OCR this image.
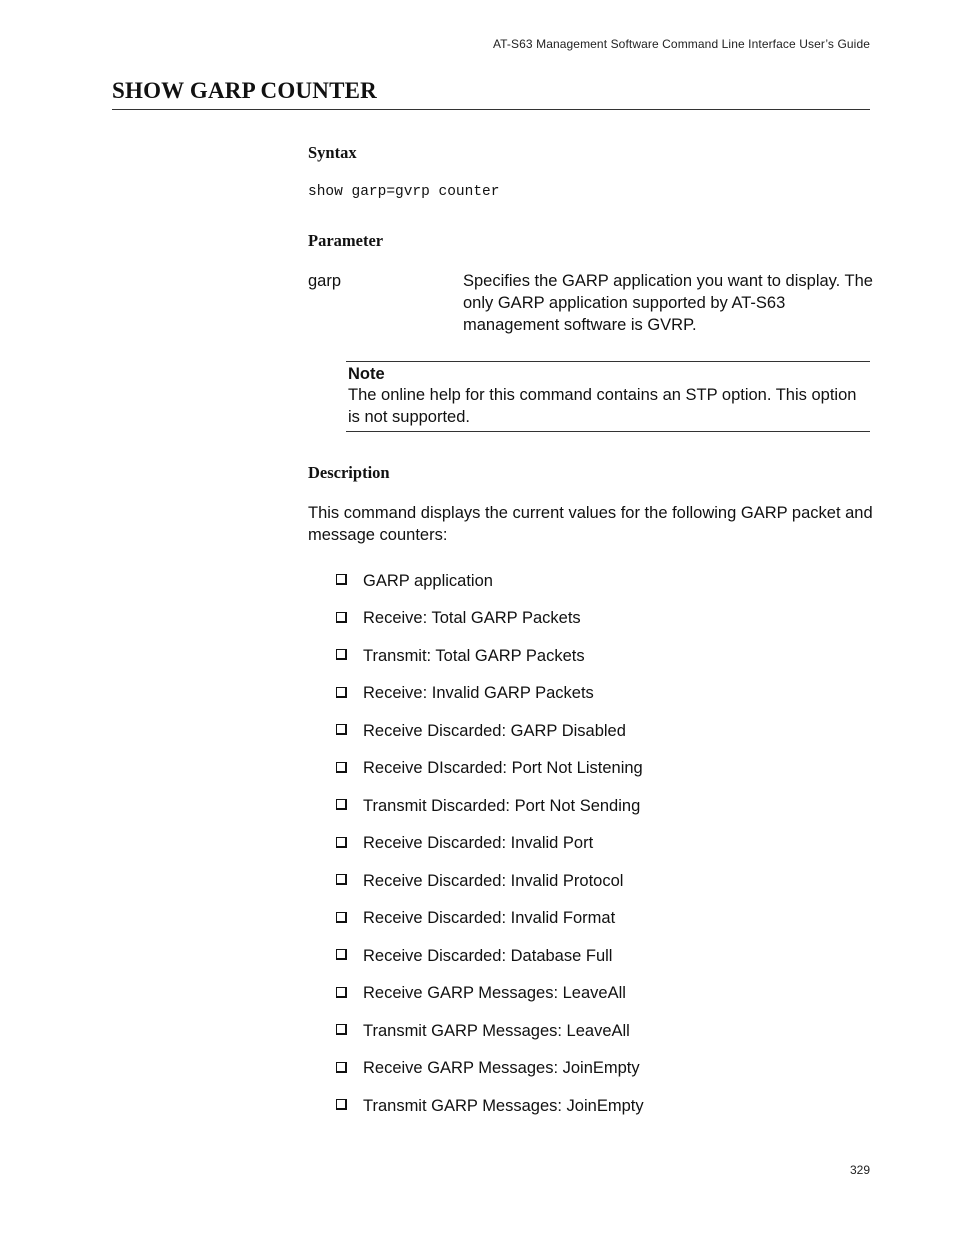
AT-S63 Management Software Command Line Interface User’s Guide
SHOW GARP COUNTER
Syntax
show garp=gvrp counter
Parameter
garp	Specifies the GARP application you want to display. The only GARP application supported by AT-S63 management software is GVRP.
Note
The online help for this command contains an STP option. This option is not supported.
Description
This command displays the current values for the following GARP packet and message counters:
GARP application
Receive: Total GARP Packets
Transmit: Total GARP Packets
Receive: Invalid GARP Packets
Receive Discarded: GARP Disabled
Receive DIscarded: Port Not Listening
Transmit Discarded: Port Not Sending
Receive Discarded: Invalid Port
Receive Discarded: Invalid Protocol
Receive Discarded: Invalid Format
Receive Discarded: Database Full
Receive GARP Messages: LeaveAll
Transmit GARP Messages: LeaveAll
Receive GARP Messages: JoinEmpty
Transmit GARP Messages: JoinEmpty
329
